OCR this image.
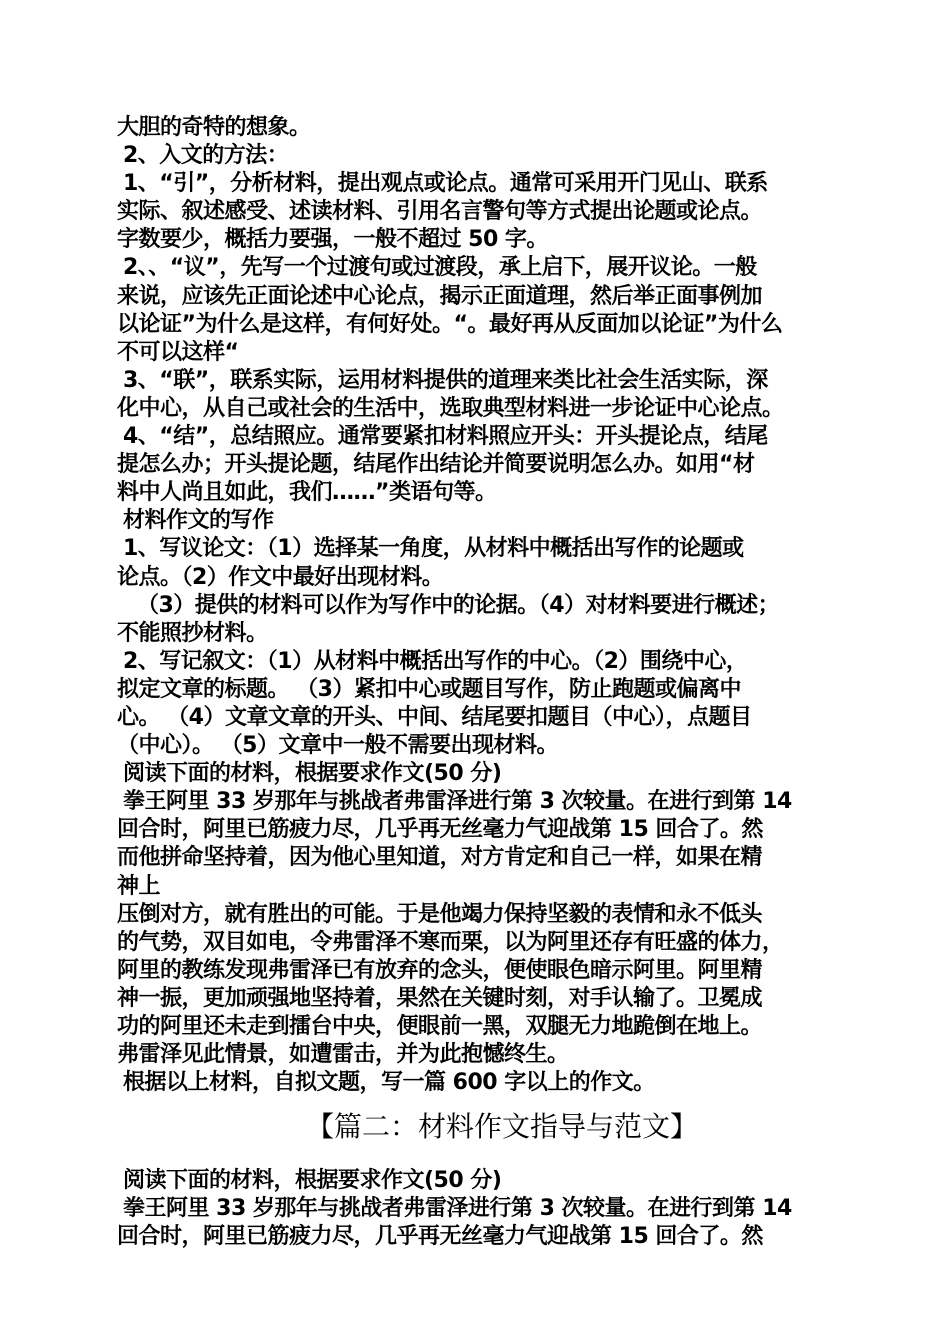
大胆的奇特的想象。
2、入文的方法：
1、“引”，分析材料，提出观点或论点。通常可采用开门见山、联系
实际、叙述感受、述读材料、引用名言警句等方式提出论题或论点。
字数要少，概括力要强，一般不超过 50 字。
2、、“议”，先写一个过渡句或过渡段，承上启下，展开议论。一般
来说，应该先正面论述中心论点，揭示正面道理，然后举正面事例加
以论证”为什么是这样，有何好处。“。最好再从反面加以论证”为什么
不可以这样“
3、“联”，联系实际，运用材料提供的道理来类比社会生活实际，深
化中心，从自己或社会的生活中，选取典型材料进一步论证中心论点。
4、“结”，总结照应。通常要紧扣材料照应开头：开头提论点，结尾
提怎么办；开头提论题，结尾作出结论并简要说明怎么办。如用“材
料中人尚且如此，我们……”类语句等。
材料作文的写作
1、写议论文：（1）选择某一角度，从材料中概括出写作的论题或
论点。（2）作文中最好出现材料。
（3）提供的材料可以作为写作中的论据。（4）对材料要进行概述；
不能照抄材料。
2、写记叙文：（1）从材料中概括出写作的中心。（2）围绕中心，
拟定文章的标题。 （3）紧扣中心或题目写作，防止跑题或偏离中
心。 （4）文章文章的开头、中间、结尾要扣题目（中心），点题目
（中心）。 （5）文章中一般不需要出现材料。
阅读下面的材料，根据要求作文(50 分)
拳王阿里 33 岁那年与挑战者弗雷泽进行第 3 次较量。在进行到第 14
回合时，阿里已筋疲力尽，几乎再无丝毫力气迎战第 15 回合了。然
而他拼命坚持着，因为他心里知道，对方肯定和自己一样，如果在精
神上
压倒对方，就有胜出的可能。于是他竭力保持坚毅的表情和永不低头
的气势，双目如电，令弗雷泽不寒而栗，以为阿里还存有旺盛的体力，
阿里的教练发现弗雷泽已有放弃的念头，便使眼色暗示阿里。阿里精
神一振，更加顽强地坚持着，果然在关键时刻，对手认输了。卫冕成
功的阿里还未走到擂台中央，便眼前一黑，双腿无力地跪倒在地上。
弗雷泽见此情景，如遭雷击，并为此抱憾终生。
根据以上材料，自拟文题，写一篇 600 字以上的作文。
【篇二：材料作文指导与范文】
阅读下面的材料，根据要求作文(50 分)
拳王阿里 33 岁那年与挑战者弗雷泽进行第 3 次较量。在进行到第 14
回合时，阿里已筋疲力尽，几乎再无丝毫力气迎战第 15 回合了。然
